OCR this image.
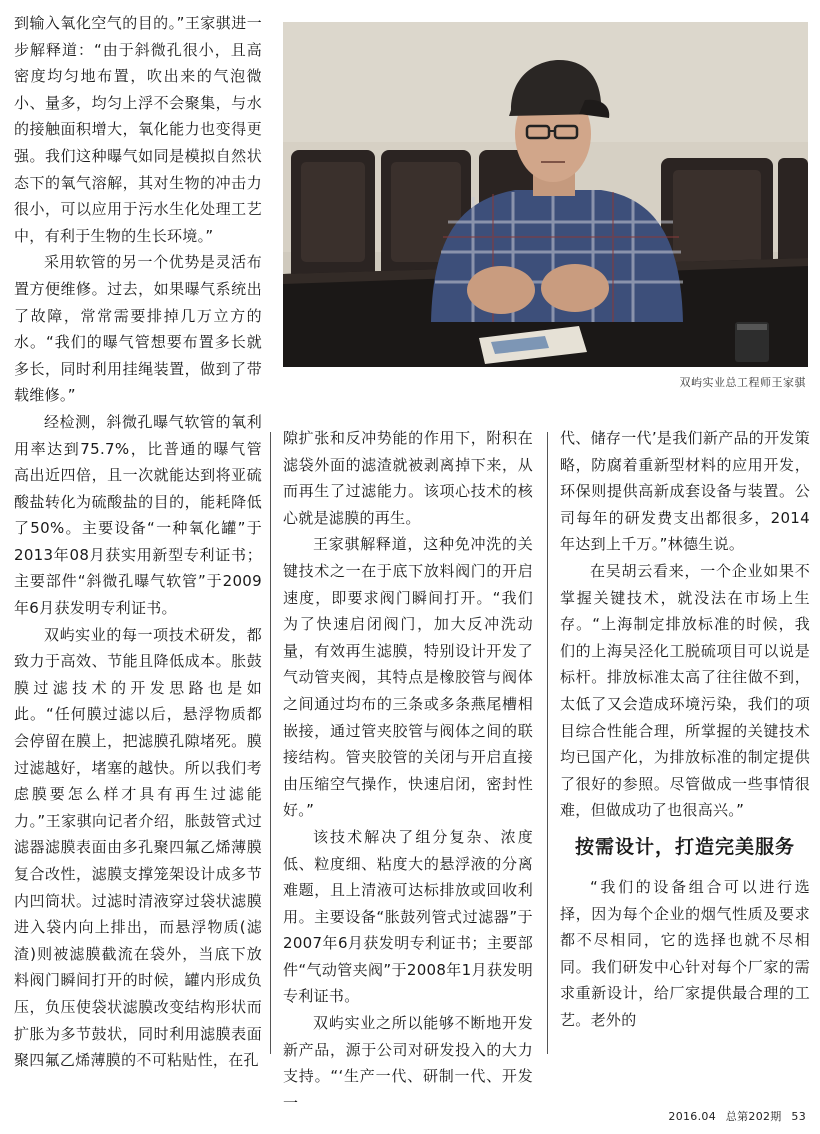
双屿实业总工程师王家骐

到输入氧化空气的目的。”王家骐进一步解释道：“由于斜微孔很小，且高密度均匀地布置，吹出来的气泡微小、量多，均匀上浮不会聚集，与水的接触面积增大，氧化能力也变得更强。我们这种曝气如同是模拟自然状态下的氧气溶解，其对生物的冲击力很小，可以应用于污水生化处理工艺中，有利于生物的生长环境。”

采用软管的另一个优势是灵活布置方便维修。过去，如果曝气系统出了故障，常常需要排掉几万立方的水。“我们的曝气管想要布置多长就多长，同时利用挂绳装置，做到了带载维修。”

经检测，斜微孔曝气软管的氧利用率达到75.7%，比普通的曝气管高出近四倍，且一次就能达到将亚硫酸盐转化为硫酸盐的目的，能耗降低了50%。主要设备“一种氧化罐”于2013年08月获实用新型专利证书；主要部件“斜微孔曝气软管”于2009年6月获发明专利证书。

双屿实业的每一项技术研发，都致力于高效、节能且降低成本。胀鼓膜过滤技术的开发思路也是如此。“任何膜过滤以后，悬浮物质都会停留在膜上，把滤膜孔隙堵死。膜过滤越好，堵塞的越快。所以我们考虑膜要怎么样才具有再生过滤能力。”王家骐向记者介绍，胀鼓管式过滤器滤膜表面由多孔聚四氟乙烯薄膜复合改性，滤膜支撑笼架设计成多节内凹筒状。过滤时清液穿过袋状滤膜进入袋内向上排出，而悬浮物质(滤渣)则被滤膜截流在袋外，当底下放料阀门瞬间打开的时候，罐内形成负压，负压使袋状滤膜改变结构形状而扩胀为多节鼓状，同时利用滤膜表面聚四氟乙烯薄膜的不可粘贴性，在孔

隙扩张和反冲势能的作用下，附积在滤袋外面的滤渣就被剥离掉下来，从而再生了过滤能力。该项心技术的核心就是滤膜的再生。

王家骐解释道，这种免冲洗的关键技术之一在于底下放料阀门的开启速度，即要求阀门瞬间打开。“我们为了快速启闭阀门，加大反冲洗动量，有效再生滤膜，特别设计开发了气动管夹阀，其特点是橡胶管与阀体之间通过均布的三条或多条燕尾槽相嵌接，通过管夹胶管与阀体之间的联接结构。管夹胶管的关闭与开启直接由压缩空气操作，快速启闭，密封性好。”

该技术解决了组分复杂、浓度低、粒度细、粘度大的悬浮液的分离难题，且上清液可达标排放或回收利用。主要设备“胀鼓列管式过滤器”于2007年6月获发明专利证书；主要部件“气动管夹阀”于2008年1月获发明专利证书。

双屿实业之所以能够不断地开发新产品，源于公司对研发投入的大力支持。“‘生产一代、研制一代、开发一

代、储存一代’是我们新产品的开发策略，防腐着重新型材料的应用开发，环保则提供高新成套设备与装置。公司每年的研发费支出都很多，2014年达到上千万。”林德生说。

在吴胡云看来，一个企业如果不掌握关键技术，就没法在市场上生存。“上海制定排放标准的时候，我们的上海吴泾化工脱硫项目可以说是标杆。排放标准太高了往往做不到，太低了又会造成环境污染，我们的项目综合性能合理，所掌握的关键技术均已国产化，为排放标准的制定提供了很好的参照。尽管做成一些事情很难，但做成功了也很高兴。”

按需设计，打造完美服务

“我们的设备组合可以进行选择，因为每个企业的烟气性质及要求都不尽相同，它的选择也就不尽相同。我们研发中心针对每个厂家的需求重新设计，给厂家提供最合理的工艺。老外的

2016.04 总第202期 53
